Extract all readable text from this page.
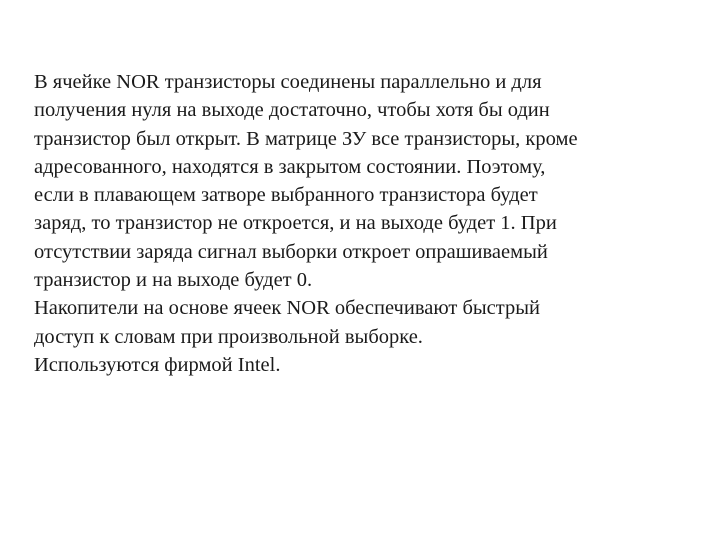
В ячейке NOR транзисторы соединены параллельно и для
получения нуля на выходе достаточно, чтобы хотя бы один
транзистор был открыт. В матрице ЗУ все транзисторы, кроме
адресованного, находятся в закрытом состоянии. Поэтому,
если в плавающем затворе выбранного транзистора будет
заряд, то транзистор не откроется, и на выходе будет 1. При
отсутствии заряда сигнал выборки откроет опрашиваемый
транзистор и на выходе будет 0.
Накопители на основе ячеек NOR обеспечивают быстрый
доступ к словам при произвольной выборке.
Используются фирмой Intel.
